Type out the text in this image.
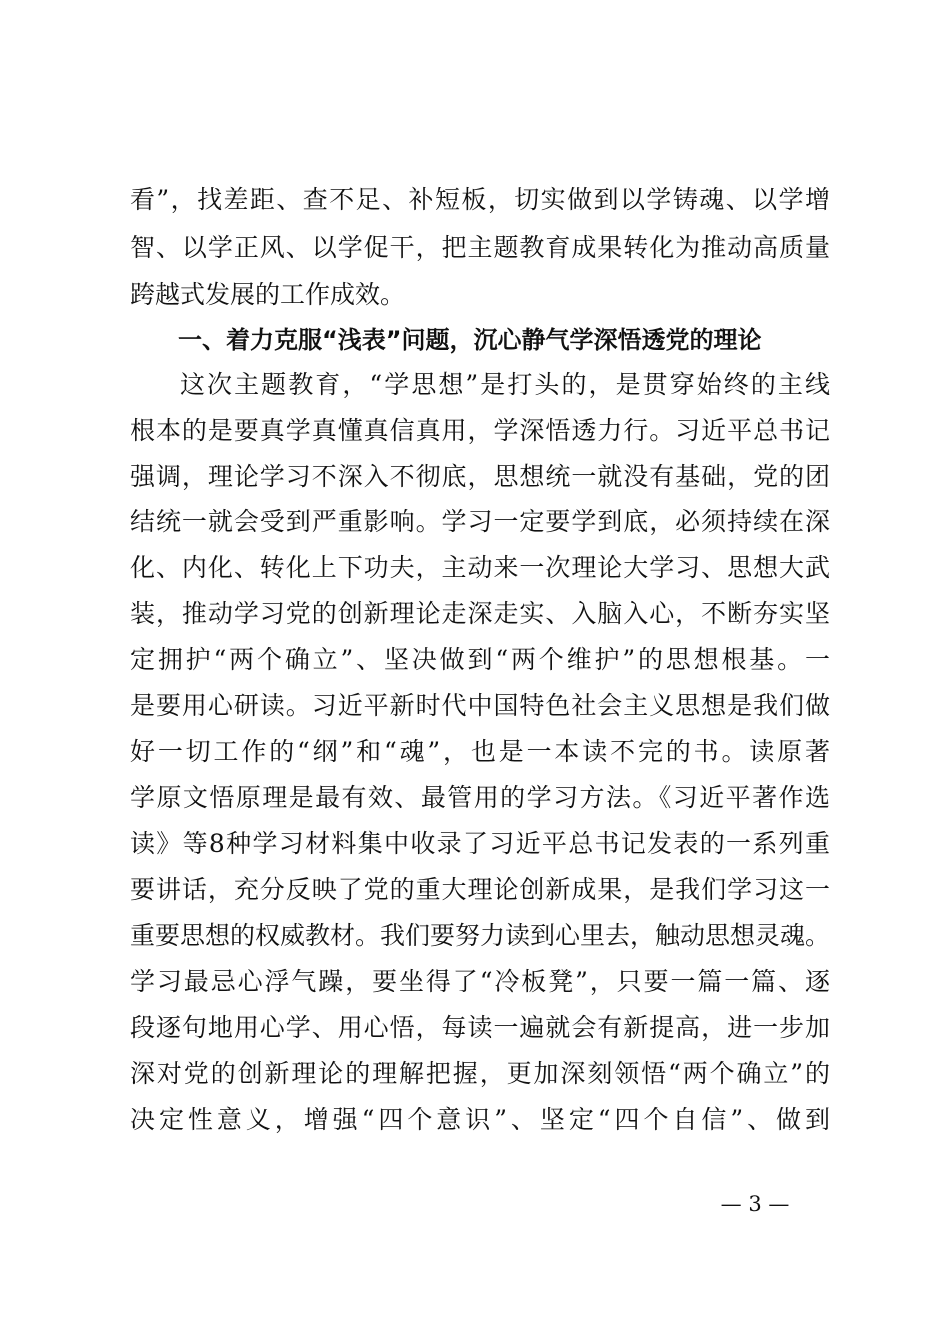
看”，找差距、查不足、补短板，切实做到以学铸魂、以学增
智、以学正风、以学促干，把主题教育成果转化为推动高质量
跨越式发展的工作成效。
一、着力克服“浅表”问题，沉心静气学深悟透党的理论
这次主题教育，“学思想”是打头的，是贯穿始终的主线
根本的是要真学真懂真信真用，学深悟透力行。习近平总书记
强调，理论学习不深入不彻底，思想统一就没有基础，党的团
结统一就会受到严重影响。学习一定要学到底，必须持续在深
化、内化、转化上下功夫，主动来一次理论大学习、思想大武
装，推动学习党的创新理论走深走实、入脑入心，不断夯实坚
定拥护“两个确立”、坚决做到“两个维护”的思想根基。一
是要用心研读。习近平新时代中国特色社会主义思想是我们做
好一切工作的“纲”和“魂”，也是一本读不完的书。读原著
学原文悟原理是最有效、最管用的学习方法。《习近平著作选
读》等8种学习材料集中收录了习近平总书记发表的一系列重
要讲话，充分反映了党的重大理论创新成果，是我们学习这一
重要思想的权威教材。我们要努力读到心里去，触动思想灵魂。
学习最忌心浮气躁，要坐得了“冷板凳”，只要一篇一篇、逐
段逐句地用心学、用心悟，每读一遍就会有新提高，进一步加
深对党的创新理论的理解把握，更加深刻领悟“两个确立”的
决定性意义，增强“四个意识”、坚定“四个自信”、做到
— 3 —
